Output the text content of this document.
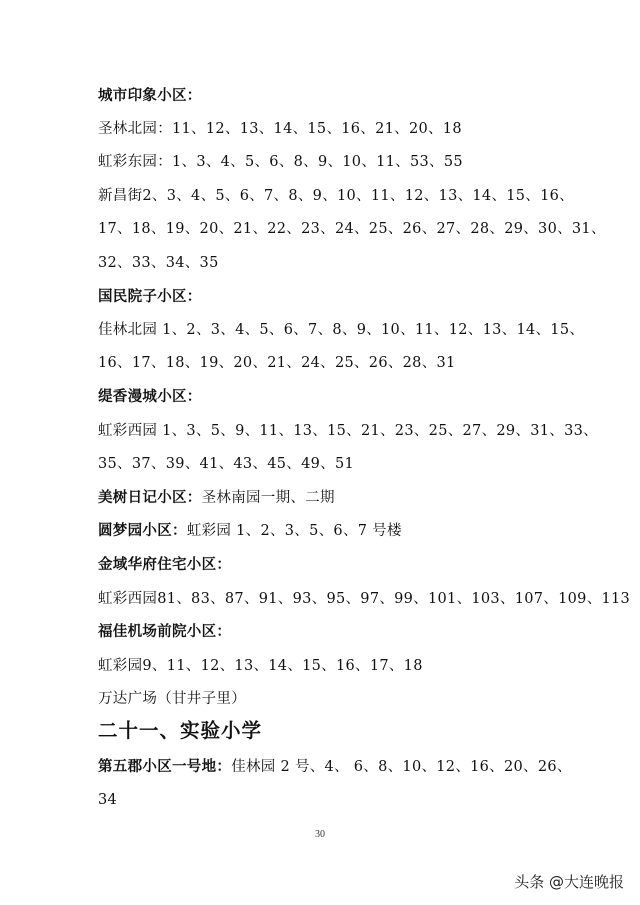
城市印象小区：
圣林北园：11、12、13、14、15、16、21、20、18
虹彩东园：1、3、4、5、6、8、9、10、11、53、55
新昌街2、3、4、5、6、7、8、9、10、11、12、13、14、15、16、
17、18、19、20、21、22、23、24、25、26、27、28、29、30、31、
32、33、34、35
国民院子小区：
佳林北园 1、2、3、4、5、6、7、8、9、10、11、12、13、14、15、
16、17、18、19、20、21、24、25、26、28、31
缇香漫城小区：
虹彩西园 1、3、5、9、11、13、15、21、23、25、27、29、31、33、
35、37、39、41、43、45、49、51
美树日记小区：圣林南园一期、二期
圆梦园小区：虹彩园 1、2、3、5、6、7 号楼
金域华府住宅小区：
虹彩西园81、83、87、91、93、95、97、99、101、103、107、109、113
福佳机场前院小区：
虹彩园9、11、12、13、14、15、16、17、18
万达广场（甘井子里）
二十一、实验小学
第五郡小区一号地：佳林园 2 号、4、 6、8、10、12、16、20、26、
34
30
头条 @大连晚报
